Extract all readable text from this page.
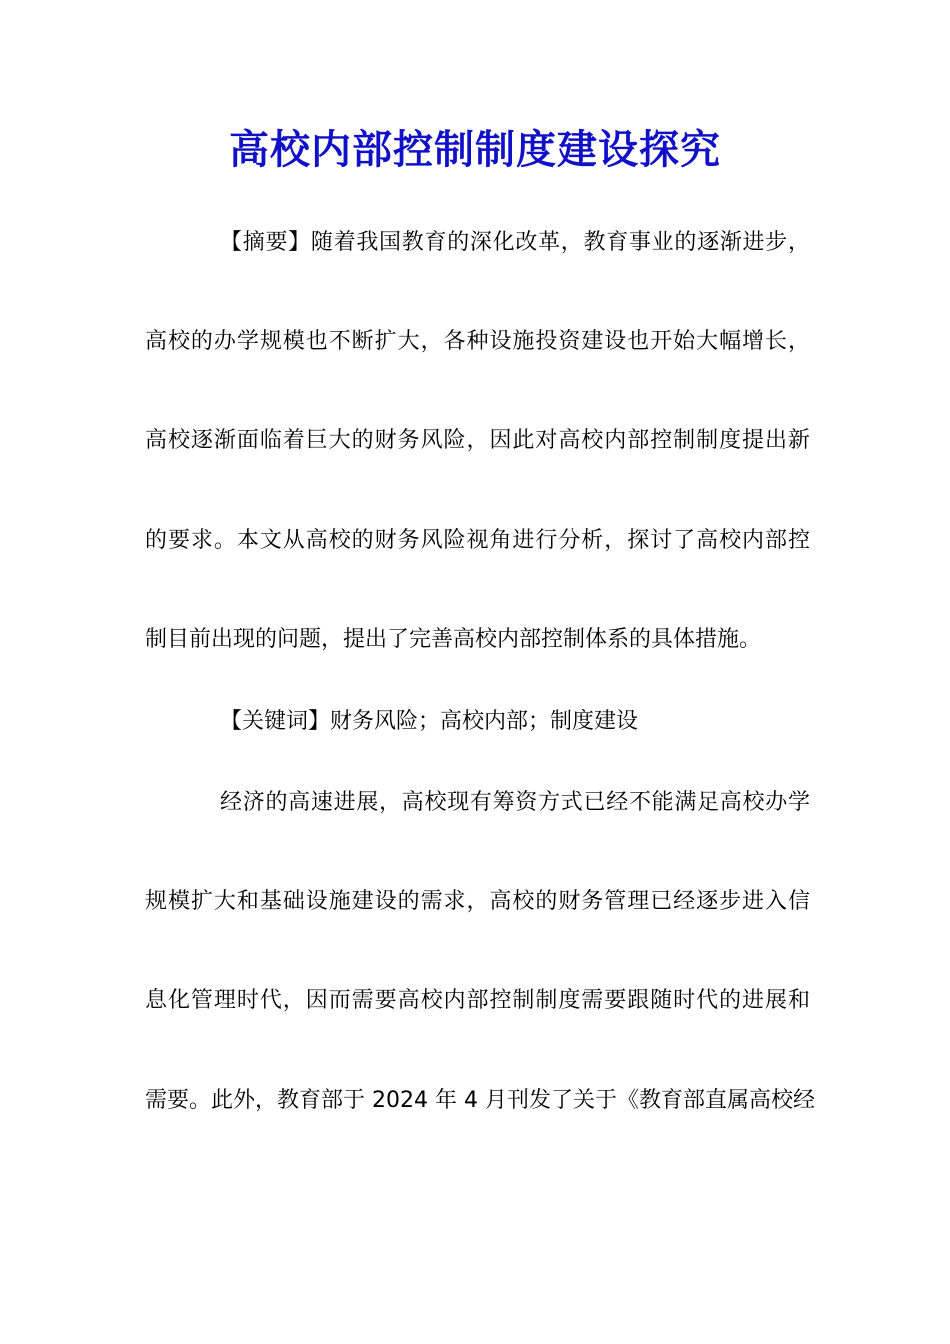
高校内部控制制度建设探究
【摘要】随着我国教育的深化改革，教育事业的逐渐进步，
高校的办学规模也不断扩大，各种设施投资建设也开始大幅增长，
高校逐渐面临着巨大的财务风险，因此对高校内部控制制度提出新
的要求。本文从高校的财务风险视角进行分析，探讨了高校内部控
制目前出现的问题，提出了完善高校内部控制体系的具体措施。
【关键词】财务风险；高校内部；制度建设
经济的高速进展，高校现有筹资方式已经不能满足高校办学
规模扩大和基础设施建设的需求，高校的财务管理已经逐步进入信
息化管理时代，因而需要高校内部控制制度需要跟随时代的进展和
需要。此外，教育部于 2024 年 4 月刊发了关于《教育部直属高校经
